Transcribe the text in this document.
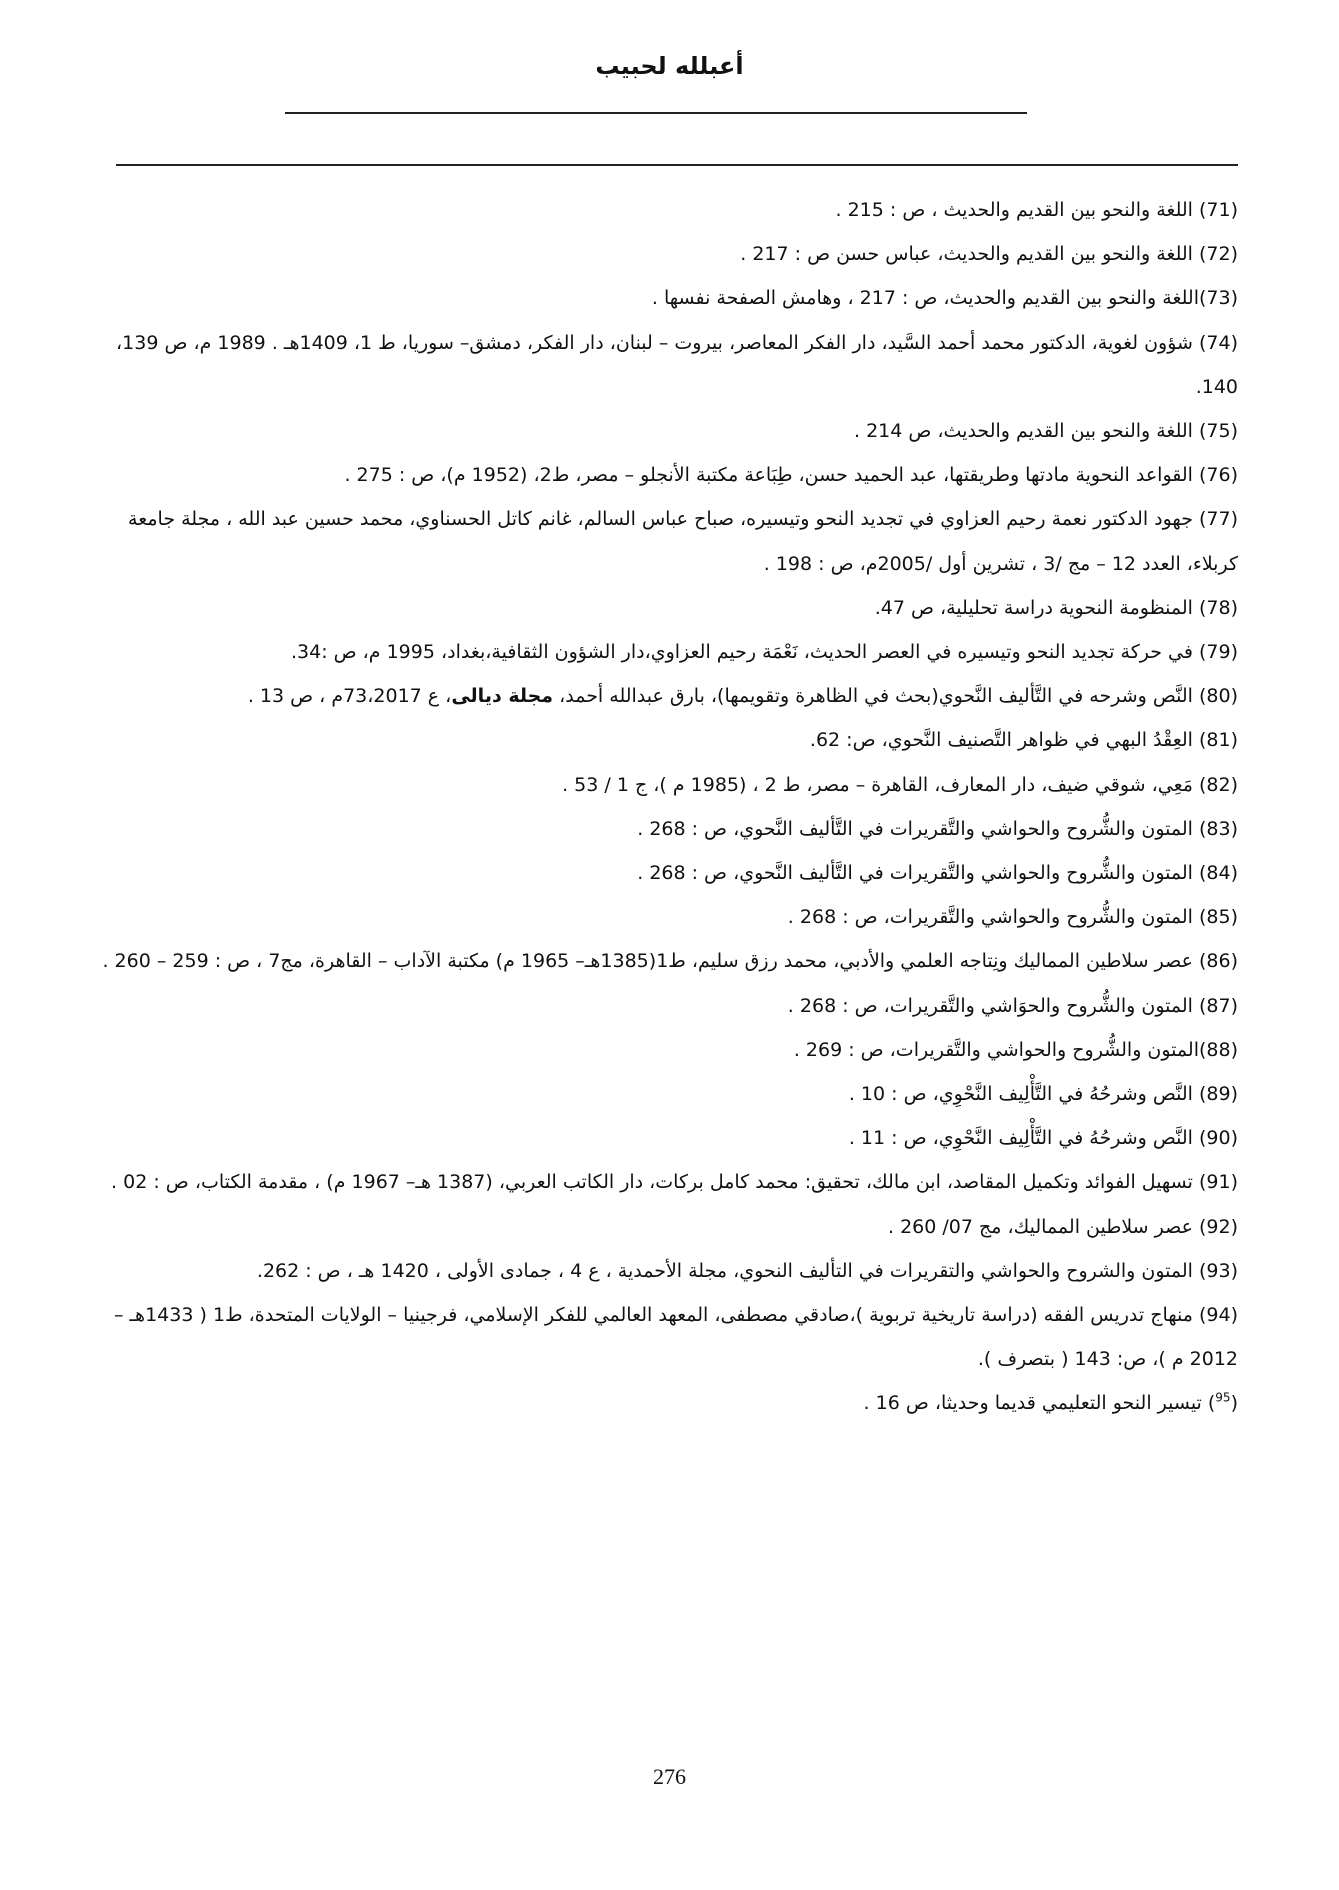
أعبلله لحبيب

(71) اللغة والنحو بين القديم والحديث ، ص : 215 .

(72) اللغة والنحو بين القديم والحديث، عباس حسن ص : 217 .

(73)اللغة والنحو بين القديم والحديث، ص : 217 ، وهامش الصفحة نفسها .

(74) شؤون لغوية، الدكتور محمد أحمد السَّيد، دار الفكر المعاصر، بيروت – لبنان، دار الفكر، دمشق– سوريا، ط 1، 1409هـ . 1989 م، ص 139، 140.

(75) اللغة والنحو بين القديم والحديث، ص 214 .

(76) القواعد النحوية مادتها وطريقتها، عبد الحميد حسن، طِبَاعة مكتبة الأنجلو – مصر، ط2، (1952 م)، ص : 275 .

(77) جهود الدكتور نعمة رحيم العزاوي في تجديد النحو وتيسيره، صباح عباس السالم، غانم كاتل الحسناوي، محمد حسين عبد الله ، مجلة جامعة كربلاء، العدد 12 – مج /3 ، تشرين أول /2005م، ص : 198 .

(78) المنظومة النحوية دراسة تحليلية، ص 47.

(79) في حركة تجديد النحو وتيسيره في العصر الحديث، نَعْمَة رحيم العزاوي،دار الشؤون الثقافية،بغداد، 1995 م، ص :34.

(80) النَّص وشرحه في التَّأليف النَّحوي(بحث في الظاهرة وتقويمها)، بارق عبدالله أحمد، مجلة ديالى، ع 73،2017م ، ص 13 .

(81) العِقْدُ البهي في ظواهر التَّصنيف النَّحوي، ص: 62.

(82) مَعِي، شوقي ضيف، دار المعارف، القاهرة – مصر، ط 2 ، (1985 م )، ج 1 / 53 .

(83) المتون والشُّروح والحواشي والتَّقريرات في التَّأليف النَّحوي، ص : 268 .

(84) المتون والشُّروح والحواشي والتَّقريرات في التَّأليف النَّحوي، ص : 268 .

(85) المتون والشُّروح والحواشي والتَّقريرات، ص : 268 .

(86) عصر سلاطين المماليك ونِتاجه العلمي والأدبي، محمد رزق سليم، ط1(1385هـ– 1965 م) مكتبة الآداب – القاهرة، مج7 ، ص : 259 – 260 .

(87) المتون والشُّروح والحوَاشي والتَّقريرات، ص : 268 .

(88)المتون والشُّروح والحواشي والتَّقريرات، ص : 269 .

(89) النَّص وشرحُهُ في التَّأْلِيف النَّحْوِي، ص : 10 .

(90) النَّص وشرحُهُ في التَّأْلِيف النَّحْوِي، ص : 11 .

(91) تسهيل الفوائد وتكميل المقاصد، ابن مالك، تحقيق: محمد كامل بركات، دار الكاتب العربي، (1387 هـ– 1967 م) ، مقدمة الكتاب، ص : 02 .

(92) عصر سلاطين المماليك، مج 07/ 260 .

(93) المتون والشروح والحواشي والتقريرات في التأليف النحوي، مجلة الأحمدية ، ع 4 ، جمادى الأولى ، 1420 هـ ، ص : 262.

(94) منهاج تدريس الفقه (دراسة تاريخية تربوية )،صادقي مصطفى، المعهد العالمي للفكر الإسلامي، فرجينيا – الولايات المتحدة، ط1 ( 1433هـ – 2012 م )، ص: 143 ( بتصرف ).

($^{95}$) تيسير النحو التعليمي قديما وحديثا، ص 16 .

276
